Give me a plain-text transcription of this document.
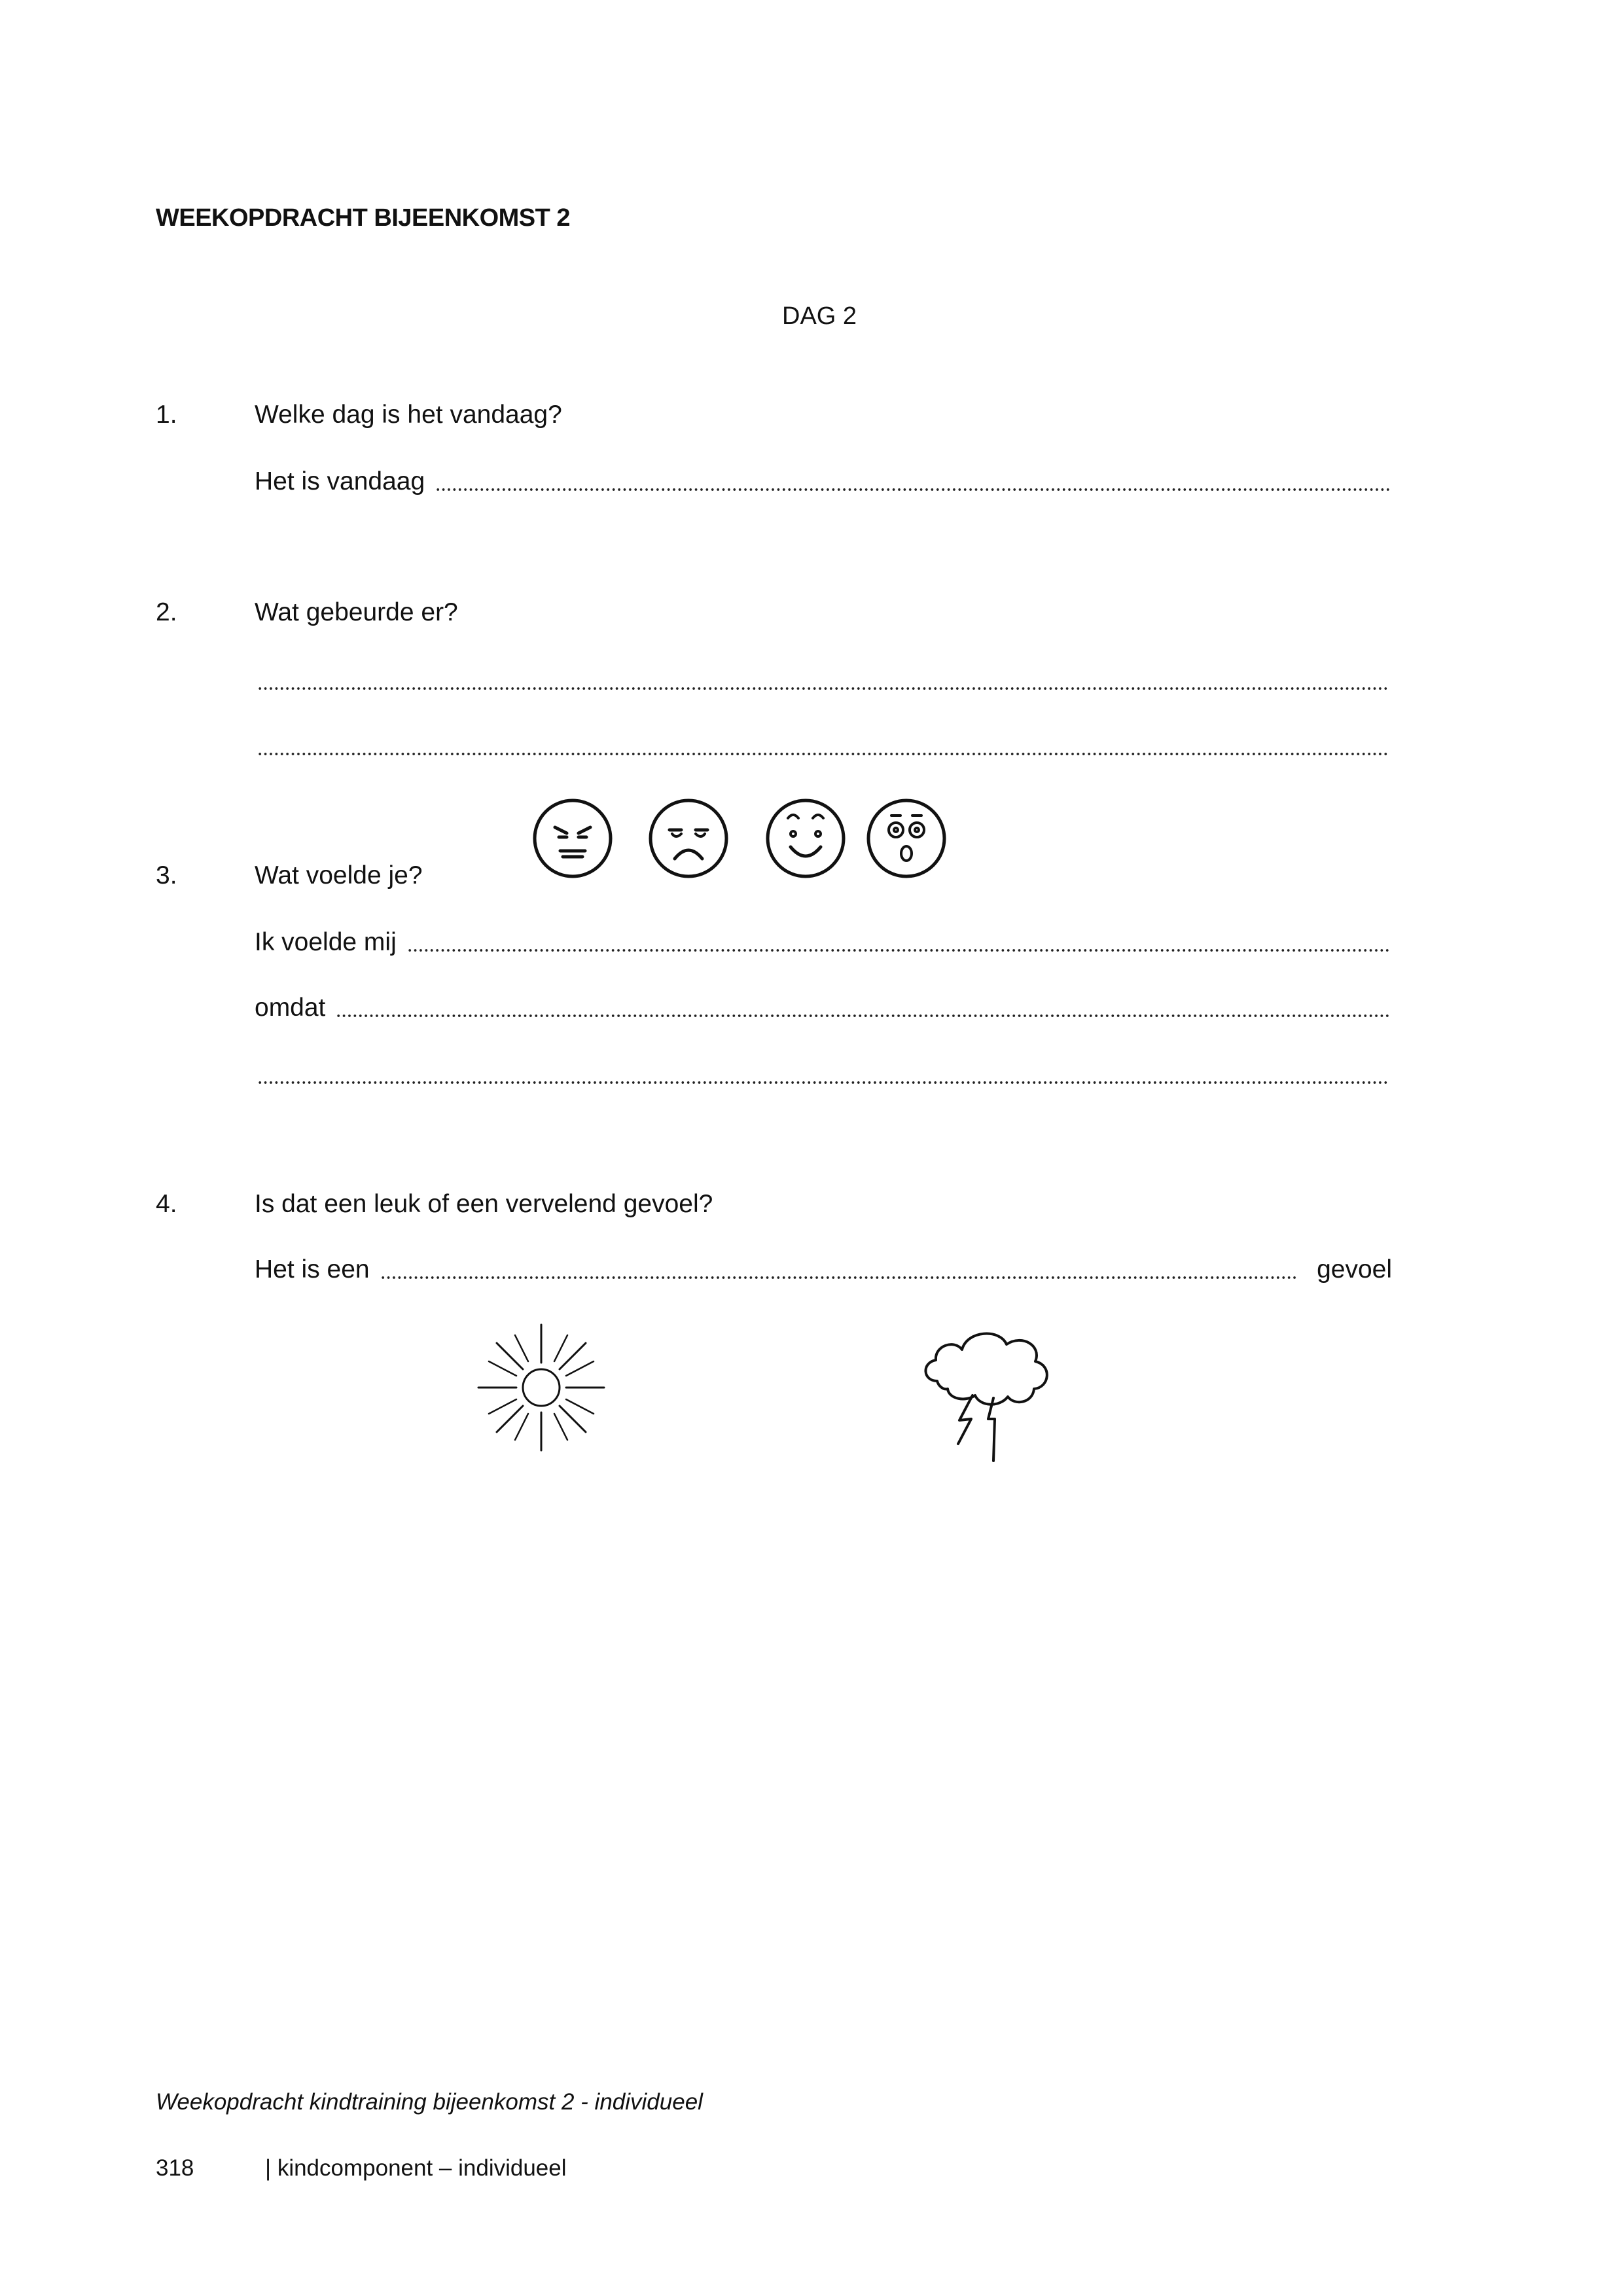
WEEKOPDRACHT BIJEENKOMST 2
DAG 2
1.	Welke dag is het vandaag?
Het is vandaag
2.	Wat gebeurde er?
3.	Wat voelde je?
Ik voelde mij
omdat
4.	Is dat een leuk of een vervelend gevoel?
Het is een	gevoel
Weekopdracht kindtraining bijeenkomst 2 - individueel
318	| kindcomponent – individueel
